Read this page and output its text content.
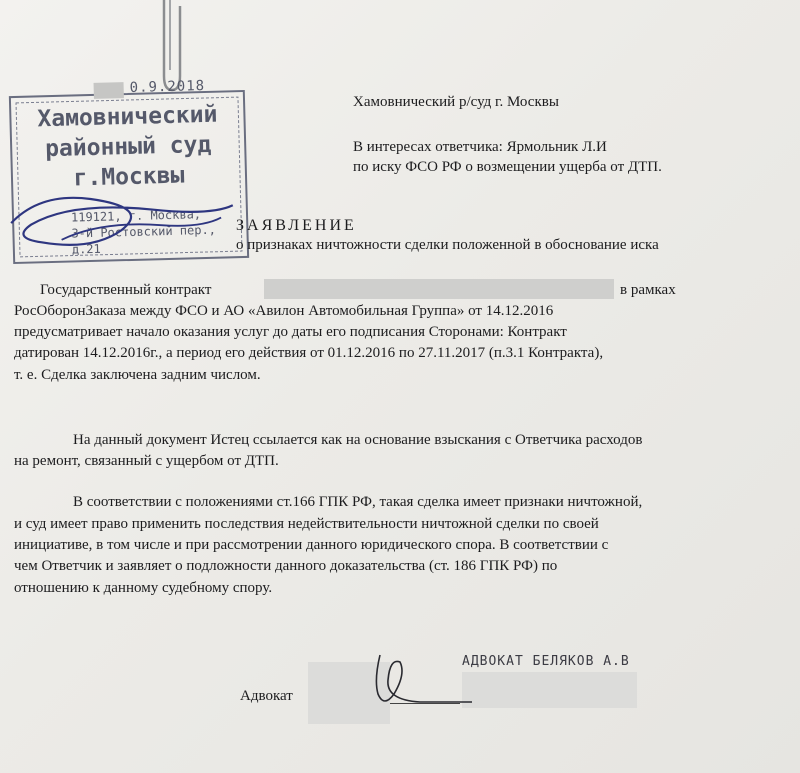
0.9.2018
Хамовнический
районный суд
г.Москвы
119121, г. Москва,
3-й Ростовский пер., д.21
Хамовнический р/суд г. Москвы
В интересах ответчика: Ярмольник Л.И
по иску ФСО РФ о возмещении ущерба от ДТП.
ЗАЯВЛЕНИЕ
о признаках ничтожности сделки положенной в обоснование иска
Государственный контракт	в рамках
РосОборонЗаказа между ФСО и АО «Авилон Автомобильная Группа» от 14.12.2016
предусматривает начало оказания услуг до даты его подписания Сторонами: Контракт
датирован 14.12.2016г., а период его действия от 01.12.2016 по 27.11.2017 (п.3.1 Контракта),
т. е. Сделка заключена задним числом.
На данный документ Истец ссылается как на основание взыскания с Ответчика расходов
на ремонт, связанный с ущербом от ДТП.
В соответствии с положениями ст.166 ГПК РФ, такая сделка имеет признаки ничтожной,
и суд имеет право применить последствия недействительности ничтожной сделки по своей
инициативе, в том числе и при рассмотрении данного юридического спора. В соответствии с
чем Ответчик и заявляет о подложности данного доказательства (ст. 186 ГПК РФ) по
отношению к данному судебному спору.
АДВОКАТ БЕЛЯКОВ А.В
Адвокат
